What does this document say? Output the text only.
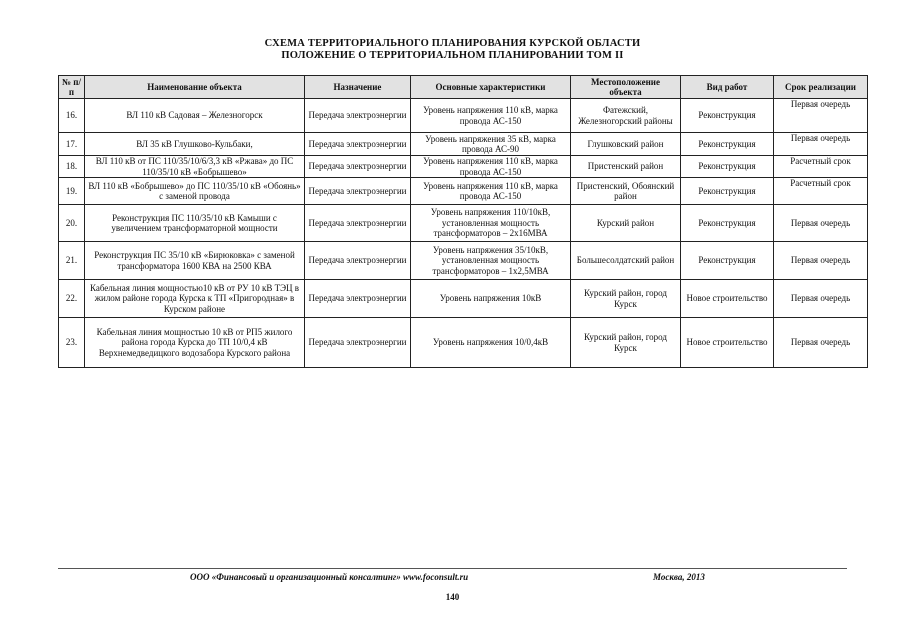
СХЕМА ТЕРРИТОРИАЛЬНОГО ПЛАНИРОВАНИЯ КУРСКОЙ ОБЛАСТИ
ПОЛОЖЕНИЕ О ТЕРРИТОРИАЛЬНОМ ПЛАНИРОВАНИИ ТОМ II
№ п/п	Наименование объекта	Назначение	Основные характеристики	Местоположение объекта	Вид работ	Срок реализации
16.	ВЛ 110 кВ Садовая – Железногорск	Передача электроэнергии	Уровень напряжения 110 кВ, марка провода АС-150	Фатежский, Железногорский районы	Реконструкция	Первая очередь
17.	ВЛ 35 кВ Глушково-Кульбаки,	Передача электроэнергии	Уровень напряжения 35 кВ, марка провода АС-90	Глушковский район	Реконструкция	Первая очередь
18.	ВЛ 110 кВ от ПС 110/35/10/6/3,3 кВ «Ржава» до ПС 110/35/10 кВ «Бобрышево»	Передача электроэнергии	Уровень напряжения 110 кВ, марка провода АС-150	Пристенский район	Реконструкция	Расчетный срок
19.	ВЛ 110 кВ «Бобрышево» до ПС 110/35/10 кВ «Обоянь» с заменой провода	Передача электроэнергии	Уровень напряжения 110 кВ, марка провода АС-150	Пристенский, Обоянский район	Реконструкция	Расчетный срок
20.	Реконструкция ПС 110/35/10 кВ Камыши с увеличением трансформаторной мощности	Передача электроэнергии	Уровень напряжения 110/10кВ, установленная мощность трансформаторов – 2х16МВА	Курский район	Реконструкция	Первая очередь
21.	Реконструкция ПС 35/10 кВ «Бирюковка» с заменой трансформатора 1600 КВА на 2500 КВА	Передача электроэнергии	Уровень напряжения 35/10кВ, установленная мощность трансформаторов – 1х2,5МВА	Большесолдатский район	Реконструкция	Первая очередь
22.	Кабельная линия мощностью10 кВ от РУ 10 кВ ТЭЦ в жилом районе города Курска к ТП «Пригородная» в Курском районе	Передача электроэнергии	Уровень напряжения 10кВ	Курский район, город Курск	Новое строительство	Первая очередь
23.	Кабельная линия мощностью 10 кВ от РП5 жилого района города Курска до ТП 10/0,4 кВ Верхнемедведицкого водозабора Курского района	Передача электроэнергии	Уровень напряжения 10/0,4кВ	Курский район, город Курск	Новое строительство	Первая очередь
ООО «Финансовый и организационный консалтинг» www.foconsult.ru	Москва, 2013
140
